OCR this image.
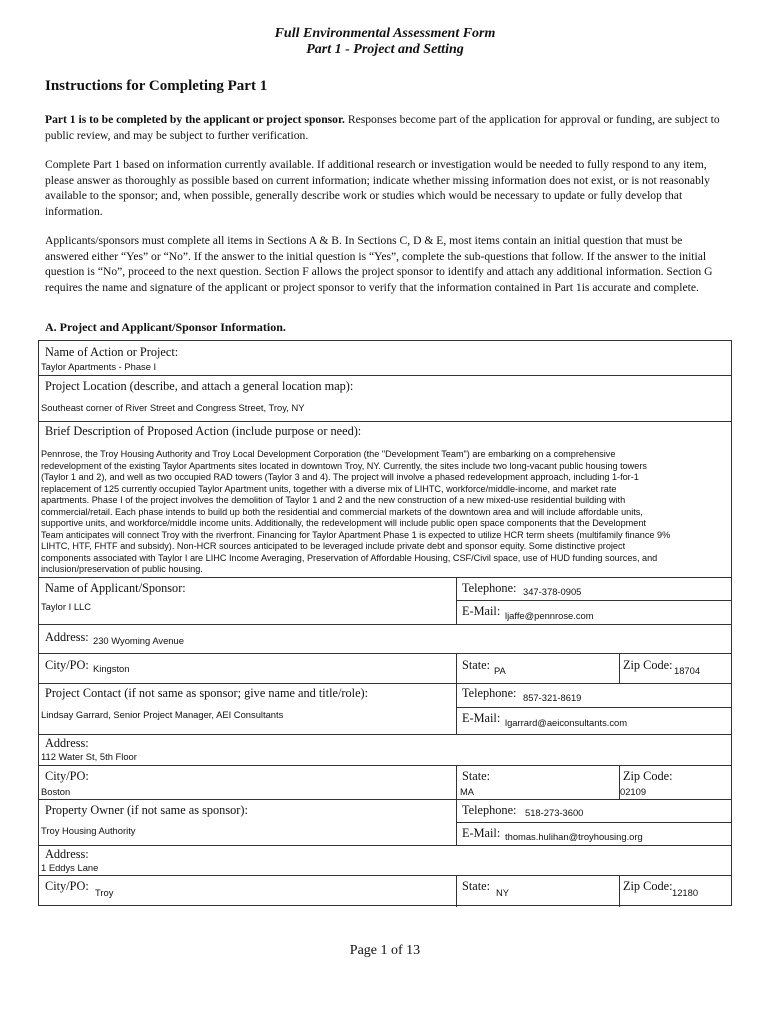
Full Environmental Assessment Form
Part 1 - Project and Setting
Instructions for Completing Part 1
Part 1 is to be completed by the applicant or project sponsor. Responses become part of the application for approval or funding, are subject to public review, and may be subject to further verification.
Complete Part 1 based on information currently available. If additional research or investigation would be needed to fully respond to any item, please answer as thoroughly as possible based on current information; indicate whether missing information does not exist, or is not reasonably available to the sponsor; and, when possible, generally describe work or studies which would be necessary to update or fully develop that information.
Applicants/sponsors must complete all items in Sections A & B. In Sections C, D & E, most items contain an initial question that must be answered either “Yes” or “No”. If the answer to the initial question is “Yes”, complete the sub-questions that follow. If the answer to the initial question is “No”, proceed to the next question. Section F allows the project sponsor to identify and attach any additional information. Section G requires the name and signature of the applicant or project sponsor to verify that the information contained in Part 1is accurate and complete.
A. Project and Applicant/Sponsor Information.
Name of Action or Project:
Taylor Apartments - Phase I
Project Location (describe, and attach a general location map):
Southeast corner of River Street and Congress Street, Troy, NY
Brief Description of Proposed Action (include purpose or need):
Pennrose, the Troy Housing Authority and Troy Local Development Corporation (the "Development Team") are embarking on a comprehensive
redevelopment of the existing Taylor Apartments sites located in downtown Troy, NY. Currently, the sites include two long-vacant public housing towers
(Taylor 1 and 2), and well as two occupied RAD towers (Taylor 3 and 4). The project will involve a phased redevelopment approach, including 1-for-1
replacement of 125 currently occupied Taylor Apartment units, together with a diverse mix of LIHTC, workforce/middle-income, and market rate
apartments. Phase I of the project involves the demolition of Taylor 1 and 2 and the new construction of a new mixed-use residential building with
commercial/retail. Each phase intends to build up both the residential and commercial markets of the downtown area and will include affordable units,
supportive units, and workforce/middle income units. Additionally, the redevelopment will include public open space components that the Development
Team anticipates will connect Troy with the riverfront. Financing for Taylor Apartment Phase 1 is expected to utilize HCR term sheets (multifamily finance 9%
LIHTC, HTF, FHTF and subsidy). Non-HCR sources anticipated to be leveraged include private debt and sponsor equity. Some distinctive project
components associated with Taylor I are LIHC Income Averaging, Preservation of Affordable Housing, CSF/Civil space, use of HUD funding sources, and
inclusion/preservation of public housing.
Name of Applicant/Sponsor:
Taylor I LLC
Telephone: 347-378-0905
E-Mail: ljaffe@pennrose.com
Address: 230 Wyoming Avenue
City/PO: Kingston	State: PA	Zip Code: 18704
Project Contact (if not same as sponsor; give name and title/role):
Lindsay Garrard, Senior Project Manager, AEI Consultants
Telephone: 857-321-8619
E-Mail: lgarrard@aeiconsultants.com
Address:
112 Water St, 5th Floor
City/PO:
Boston
State:
MA
Zip Code:
02109
Property Owner (if not same as sponsor):
Troy Housing Authority
Telephone: 518-273-3600
E-Mail: thomas.hulihan@troyhousing.org
Address:
1 Eddys Lane
City/PO: Troy	State: NY	Zip Code: 12180
Page 1 of 13
